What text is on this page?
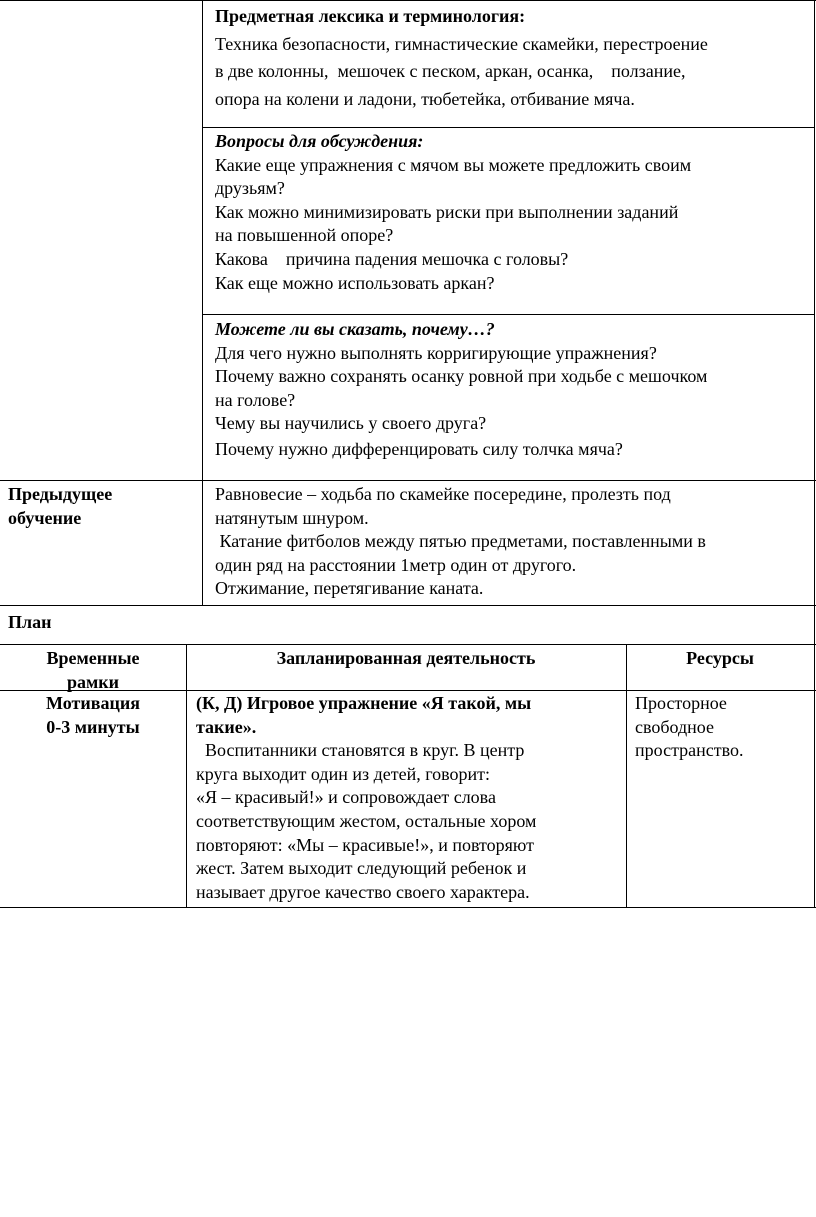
Предметная лексика и терминология:
Техника безопасности, гимнастические скамейки, перестроение
в две колонны,  мешочек с песком, аркан, осанка,    ползание,
опора на колени и ладони, тюбетейка, отбивание мяча.
Вопросы для обсуждения:
Какие еще упражнения с мячом вы можете предложить своим
друзьям?
Как можно минимизировать риски при выполнении заданий
на повышенной опоре?
Какова    причина падения мешочка с головы?
Как еще можно использовать аркан?
Можете ли вы сказать, почему…?
Для чего нужно выполнять корригирующие упражнения?
Почему важно сохранять осанку ровной при ходьбе с мешочком
на голове?
Чему вы научились у своего друга?
Почему нужно дифференцировать силу толчка мяча?
Предыдущее
обучение
Равновесие – ходьба по скамейке посередине, пролезть под
натянутым шнуром.
Катание фитболов между пятью предметами, поставленными в
один ряд на расстоянии 1метр один от другого.
Отжимание, перетягивание каната.
План
Временные
рамки
Запланированная деятельность	Ресурсы
Мотивация
0-3 минуты
(К, Д) Игровое упражнение «Я такой, мы
такие».
Воспитанники становятся в круг. В центр
круга выходит один из детей, говорит:
«Я – красивый!» и сопровождает слова
соответствующим жестом, остальные хором
повторяют: «Мы – красивые!», и повторяют
жест. Затем выходит следующий ребенок и
называет другое качество своего характера.
Просторное
свободное
пространство.
